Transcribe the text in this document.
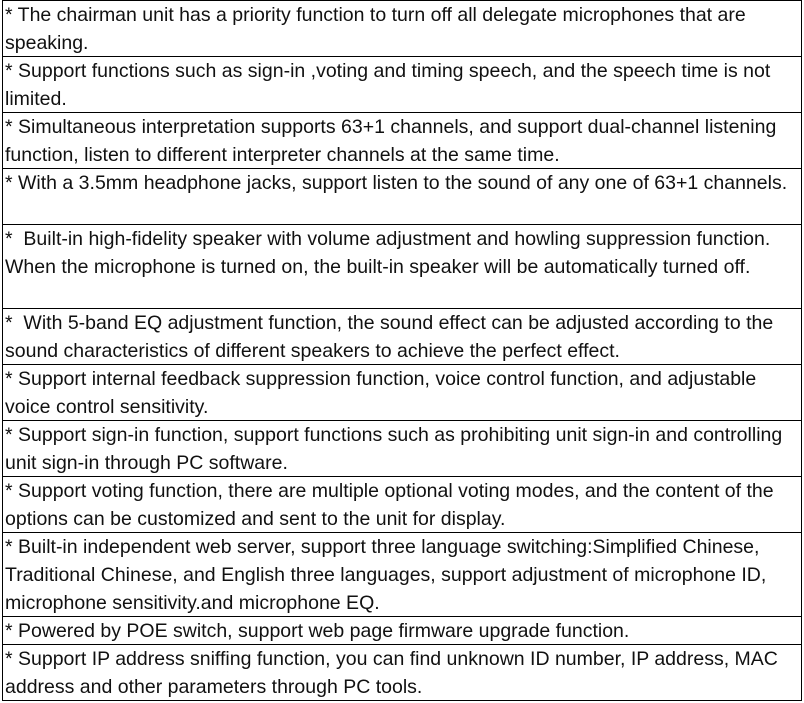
* The chairman unit has a priority function to turn off all delegate microphones that are speaking.
* Support functions such as sign-in ,voting and timing speech, and the speech time is not limited.
* Simultaneous interpretation supports 63+1 channels, and support dual-channel listening function, listen to different interpreter channels at the same time.
* With a 3.5mm headphone jacks, support listen to the sound of any one of 63+1 channels.
*  Built-in high-fidelity speaker with volume adjustment and howling suppression function. When the microphone is turned on, the built-in speaker will be automatically turned off.
*  With 5-band EQ adjustment function, the sound effect can be adjusted according to the sound characteristics of different speakers to achieve the perfect effect.
* Support internal feedback suppression function, voice control function, and adjustable voice control sensitivity.
* Support sign-in function, support functions such as prohibiting unit sign-in and controlling unit sign-in through PC software.
* Support voting function, there are multiple optional voting modes, and the content of the options can be customized and sent to the unit for display.
* Built-in independent web server, support three language switching:Simplified Chinese, Traditional Chinese, and English three languages, support adjustment of microphone ID, microphone sensitivity.and microphone EQ.
* Powered by POE switch, support web page firmware upgrade function.
* Support IP address sniffing function, you can find unknown ID number, IP address, MAC address and other parameters through PC tools.
